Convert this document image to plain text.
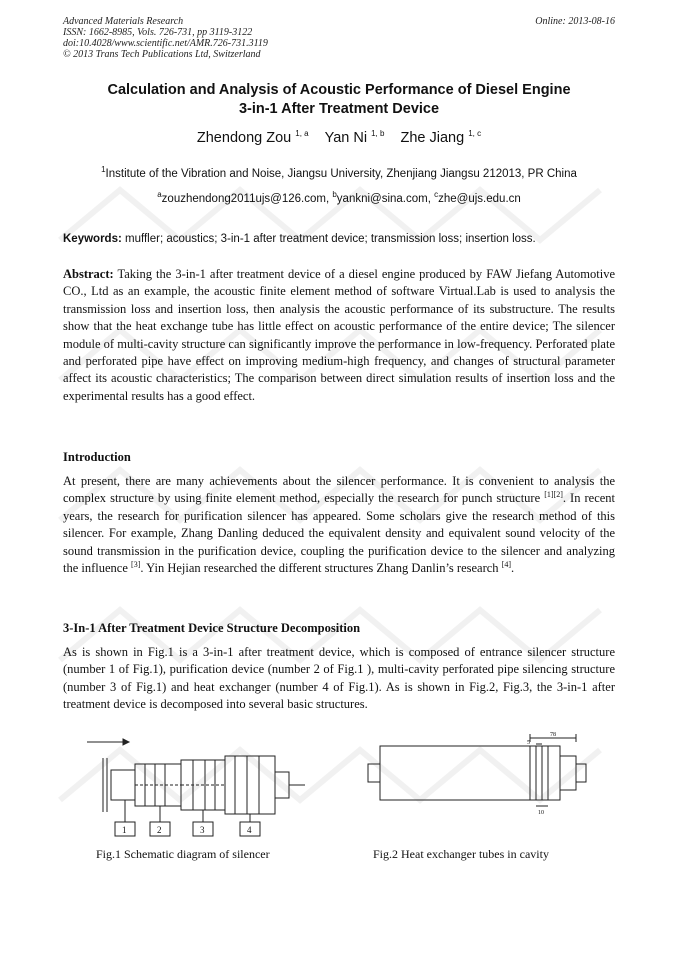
Advanced Materials Research
ISSN: 1662-8985, Vols. 726-731, pp 3119-3122
doi:10.4028/www.scientific.net/AMR.726-731.3119
© 2013 Trans Tech Publications Ltd, Switzerland
Online: 2013-08-16
Calculation and Analysis of Acoustic Performance of Diesel Engine
3-in-1 After Treatment Device
Zhendong Zou $^{1, a}$ Yan Ni $^{1, b}$ Zhe Jiang $^{1, c}$
$^1$Institute of the Vibration and Noise, Jiangsu University, Zhenjiang Jiangsu 212013, PR China
$^a$zouzhendong2011ujs@126.com, $^b$yankni@sina.com, $^c$zhe@ujs.edu.cn
Keywords: muffler; acoustics; 3-in-1 after treatment device; transmission loss; insertion loss.
Abstract: Taking the 3-in-1 after treatment device of a diesel engine produced by FAW Jiefang Automotive CO., Ltd as an example, the acoustic finite element method of software Virtual.Lab is used to analysis the transmission loss and insertion loss, then analysis the acoustic performance of its substructure. The results show that the heat exchange tube has little effect on acoustic performance of the entire device; The silencer module of multi-cavity structure can significantly improve the performance in low-frequency. Perforated plate and perforated pipe have effect on improving medium-high frequency, and changes of structural parameter affect its acoustic characteristics; The comparison between direct simulation results of insertion loss and the experimental results has a good effect.
Introduction
At present, there are many achievements about the silencer performance. It is convenient to analysis the complex structure by using finite element method, especially the research for punch structure [1][2]. In recent years, the research for purification silencer has appeared. Some scholars give the research method of this silencer. For example, Zhang Danling deduced the equivalent density and equivalent sound velocity of the sound transmission in the purification device, coupling the purification device to the silencer and analyzing the influence [3]. Yin Hejian researched the different structures Zhang Danlin’s research [4].
3-In-1 After Treatment Device Structure Decomposition
As is shown in Fig.1 is a 3-in-1 after treatment device, which is composed of entrance silencer structure (number 1 of Fig.1), purification device (number 2 of Fig.1 ), multi-cavity perforated pipe silencing structure (number 3 of Fig.1) and heat exchanger (number 4 of Fig.1). As is shown in Fig.2, Fig.3, the 3-in-1 after treatment device is decomposed into several basic structures.
1	2	3	4
78
5
10
Fig.1 Schematic diagram of silencer	Fig.2 Heat exchanger tubes in cavity
